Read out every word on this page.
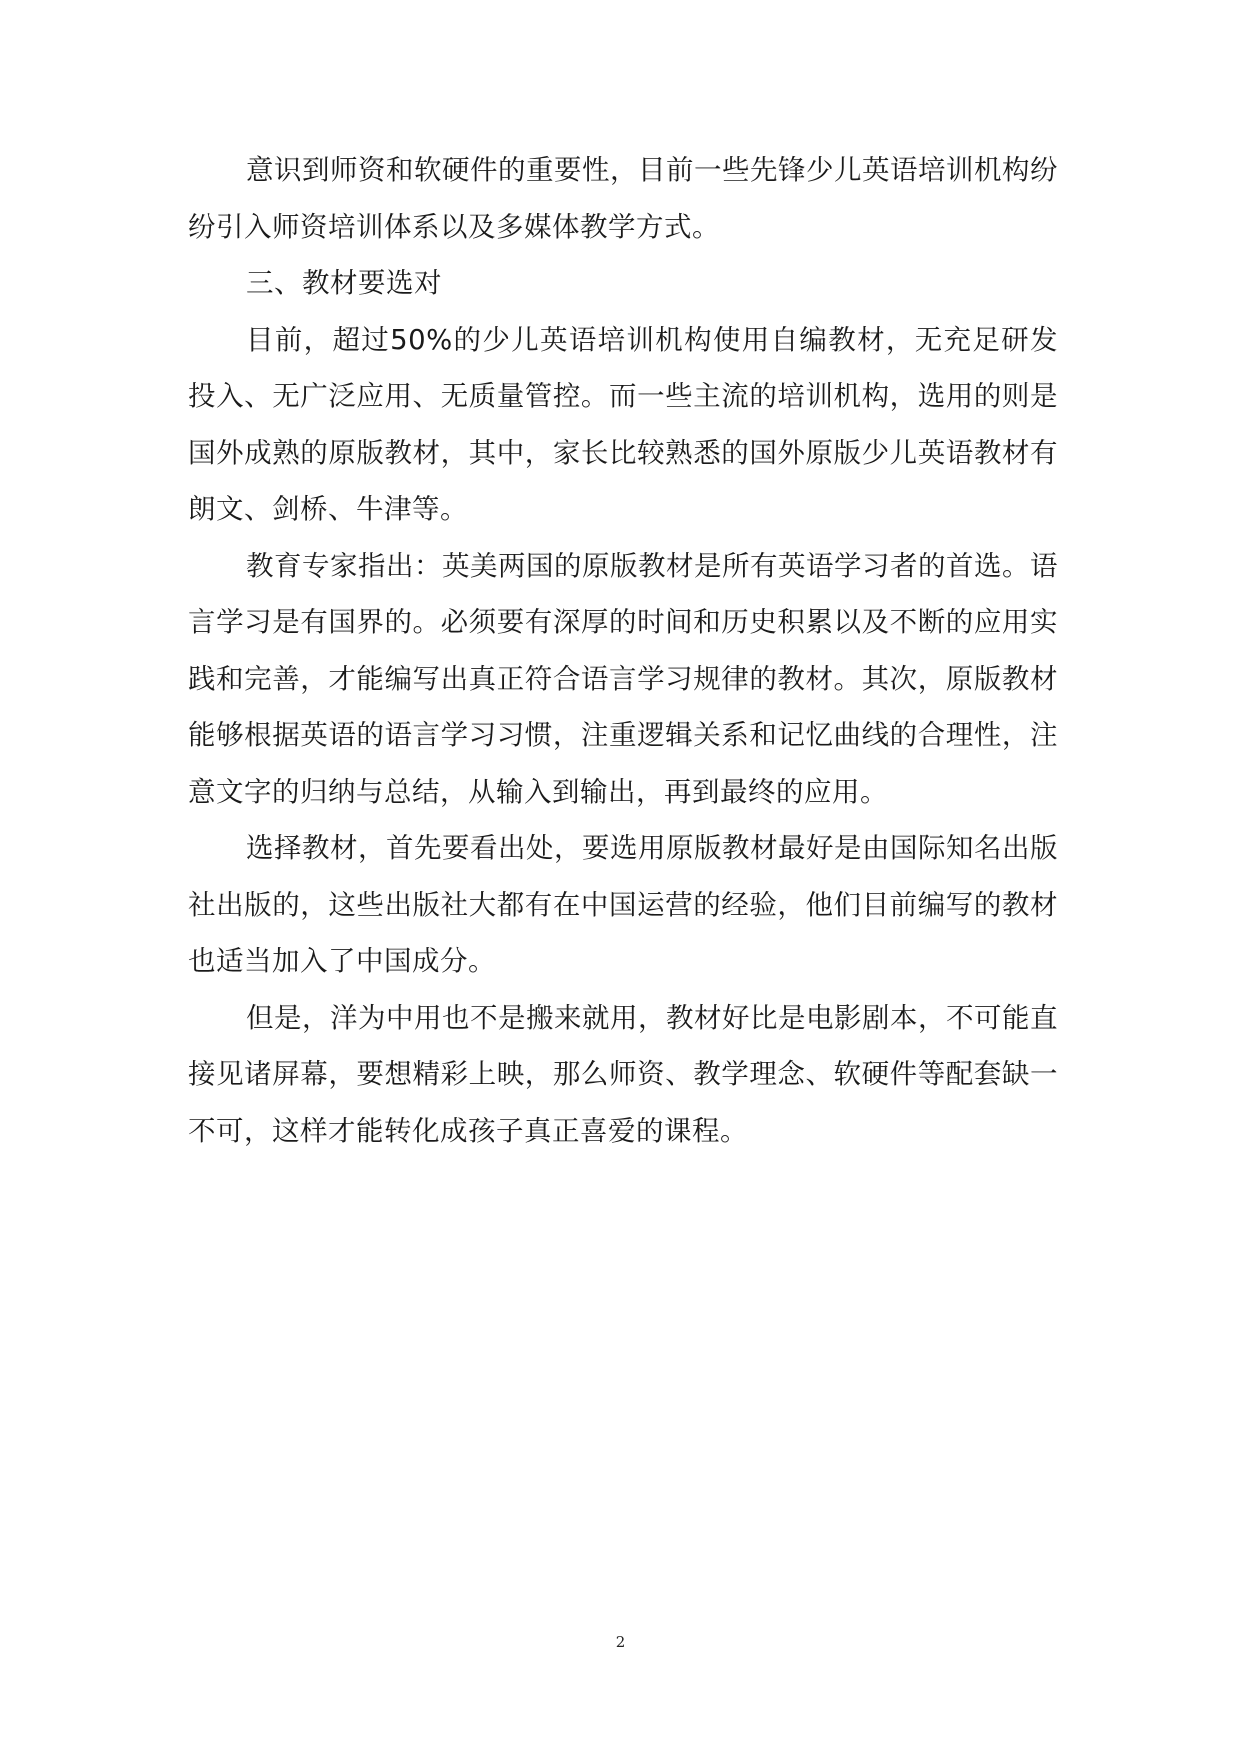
意识到师资和软硬件的重要性，目前一些先锋少儿英语培训机构纷纷引入师资培训体系以及多媒体教学方式。

三、教材要选对

目前，超过50%的少儿英语培训机构使用自编教材，无充足研发投入、无广泛应用、无质量管控。而一些主流的培训机构，选用的则是国外成熟的原版教材，其中，家长比较熟悉的国外原版少儿英语教材有朗文、剑桥、牛津等。

教育专家指出：英美两国的原版教材是所有英语学习者的首选。语言学习是有国界的。必须要有深厚的时间和历史积累以及不断的应用实践和完善，才能编写出真正符合语言学习规律的教材。其次，原版教材能够根据英语的语言学习习惯，注重逻辑关系和记忆曲线的合理性，注意文字的归纳与总结，从输入到输出，再到最终的应用。

选择教材，首先要看出处，要选用原版教材最好是由国际知名出版社出版的，这些出版社大都有在中国运营的经验，他们目前编写的教材也适当加入了中国成分。

但是，洋为中用也不是搬来就用，教材好比是电影剧本，不可能直接见诸屏幕，要想精彩上映，那么师资、教学理念、软硬件等配套缺一不可，这样才能转化成孩子真正喜爱的课程。

2
